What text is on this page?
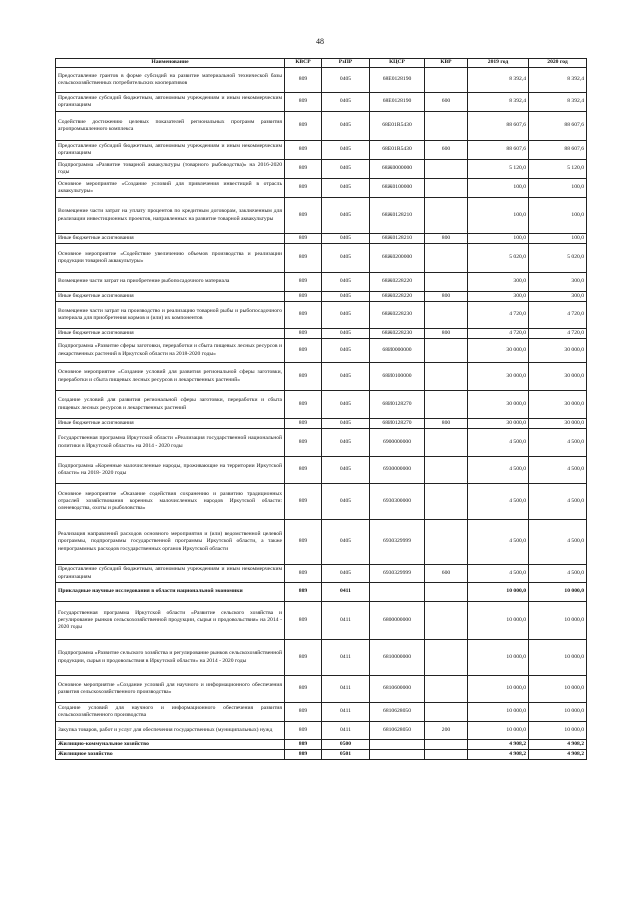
48
Наименование	КВСР	РзПР	КЦСР	КВР	2019 год	2020 год
Предоставление грантов в форме субсидий на развитие материальной технической базы сельскохозяйственных потребительских кооперативов	809	0405	68Е0128190		8 392,4	8 392,4
Предоставление субсидий бюджетным, автономным учреждениям и иным некоммерческим организациям	809	0405	68Е0128190	600	8 392,4	8 392,4
Содействие достижению целевых показателей региональных программ развития агропромышленного комплекса	809	0405	68Е01R5430		88 607,6	88 607,6
Предоставление субсидий бюджетным, автономным учреждениям и иным некоммерческим организациям	809	0405	68Е01R5430	600	88 607,6	88 607,6
Подпрограмма «Развитие товарной аквакультуры (товарного рыбоводства)» на 2016-2020 годы	809	0405	68Ж0000000		5 120,0	5 120,0
Основное мероприятие «Создание условий для привлечения инвестиций в отрасль аквакультуры»	809	0405	68Ж0100000		100,0	100,0
Возмещение части затрат на уплату процентов по кредитным договорам, заключенным для реализации инвестиционных проектов, направленных на развитие товарной аквакультуры	809	0405	68Ж0128210		100,0	100,0
Иные бюджетные ассигнования	809	0405	68Ж0128210	800	100,0	100,0
Основное мероприятие «Содействие увеличению объемов производства и реализации продукции товарной аквакультуры»	809	0405	68Ж0200000		5 020,0	5 020,0
Возмещение части затрат на приобретение рыбопосадочного материала	809	0405	68Ж0228220		300,0	300,0
Иные бюджетные ассигнования	809	0405	68Ж0228220	800	300,0	300,0
Возмещение части затрат на производство и реализацию товарной рыбы и рыбопосадочного материала для приобретения кормов и (или) их компонентов	809	0405	68Ж0228230		4 720,0	4 720,0
Иные бюджетные ассигнования	809	0405	68Ж0228230	800	4 720,0	4 720,0
Подпрограмма «Развитие сферы заготовки, переработки и сбыта пищевых лесных ресурсов и лекарственных растений в Иркутской области на 2018-2020 годы»	809	0405	68И0000000		30 000,0	30 000,0
Основное мероприятие «Создание условий для развития региональной сферы заготовки, переработки и сбыта пищевых лесных ресурсов и лекарственных растений»	809	0405	68И0100000		30 000,0	30 000,0
Создание условий для развития региональной сферы заготовки, переработки и сбыта пищевых лесных ресурсов и лекарственных растений	809	0405	68И0128270		30 000,0	30 000,0
Иные бюджетные ассигнования	809	0405	68И0128270	800	30 000,0	30 000,0
Государственная программа Иркутской области «Реализация государственной национальной политики в Иркутской области» на 2014 - 2020 годы	809	0405	6900000000		4 500,0	4 500,0
Подпрограмма «Коренные малочисленные народы, проживающие на территории Иркутской области» на 2018- 2020 годы	809	0405	6930000000		4 500,0	4 500,0
Основное мероприятие «Оказание содействия сохранению и развитию традиционных отраслей хозяйствования коренных малочисленных народов Иркутской области: оленеводства, охоты и рыболовства»	809	0405	6930300000		4 500,0	4 500,0
Реализация направлений расходов основного мероприятия и (или) ведомственной целевой программы, подпрограммы государственной программы Иркутской области, а также непрограммных расходов государственных органов Иркутской области	809	0405	6930329999		4 500,0	4 500,0
Предоставление субсидий бюджетным, автономным учреждениям и иным некоммерческим организациям	809	0405	6930329999	600	4 500,0	4 500,0
Прикладные научные исследования в области национальной экономики	809	0411			10 000,0	10 000,0
Государственная программа Иркутской области «Развитие сельского хозяйства и регулирование рынков сельскохозяйственной продукции, сырья и продовольствия» на 2014 - 2020 годы	809	0411	6800000000		10 000,0	10 000,0
Подпрограмма «Развитие сельского хозяйства и регулирование рынков сельскохозяйственной продукции, сырья и продовольствия в Иркутской области» на 2014 - 2020 годы	809	0411	6810000000		10 000,0	10 000,0
Основное мероприятие «Создание условий для научного и информационного обеспечения развития сельскохозяйственного производства»	809	0411	6810600000		10 000,0	10 000,0
Создание условий для научного и информационного обеспечения развития сельскохозяйственного производства	809	0411	6810628050		10 000,0	10 000,0
Закупка товаров, работ и услуг для обеспечения государственных (муниципальных) нужд	809	0411	6810628050	200	10 000,0	10 000,0
Жилищно-коммунальное хозяйство	809	0500			4 908,2	4 908,2
Жилищное хозяйство	809	0501			4 908,2	4 908,2
